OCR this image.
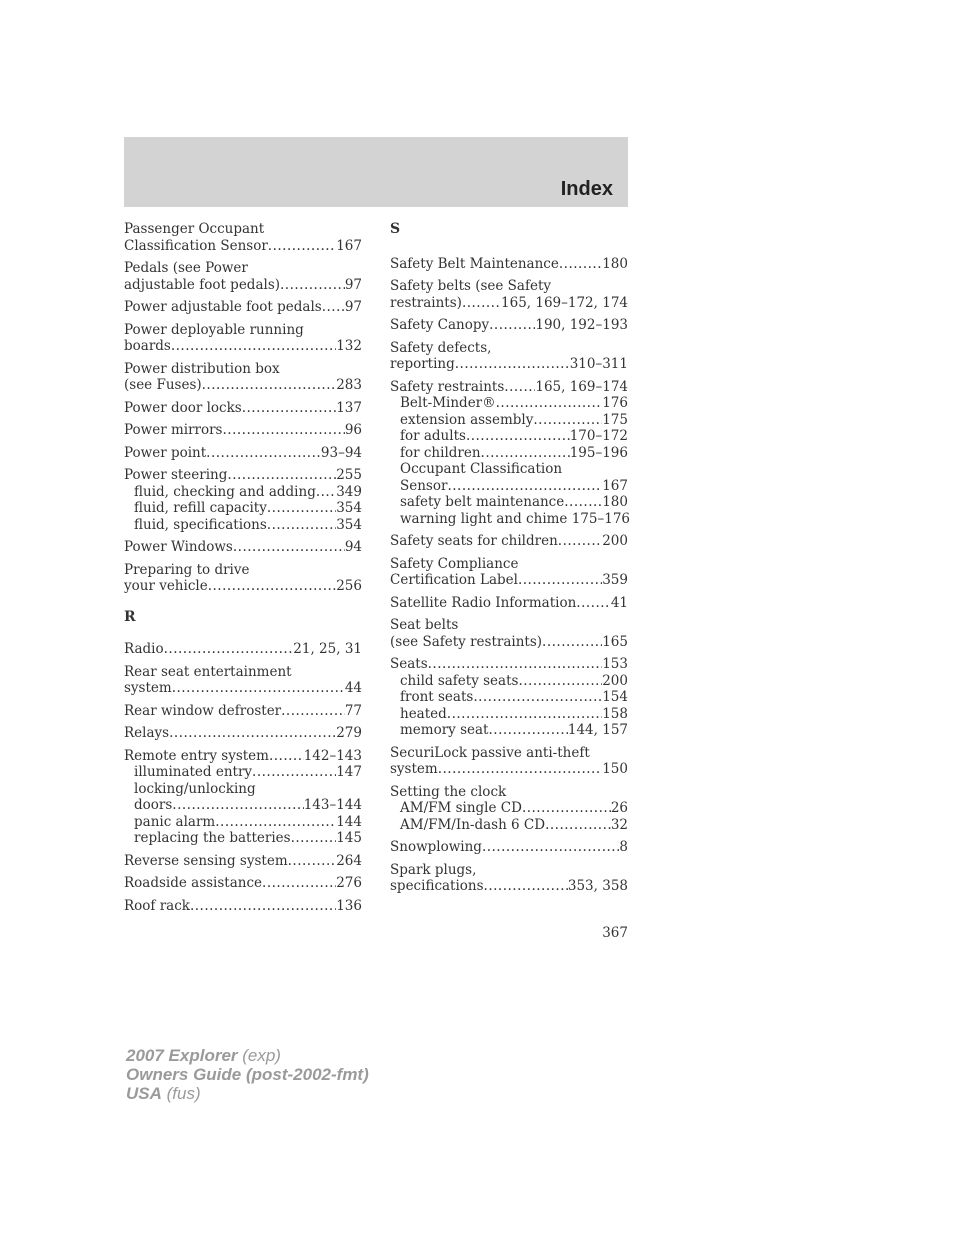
Index
Passenger Occupant
Classification Sensor .....	167
Pedals (see Power
adjustable foot pedals) .....	97
Power adjustable foot pedals ..... 97
Power deployable running
boards .....	132
Power distribution box
(see Fuses) .....	283
Power door locks .....	137
Power mirrors .....	96
Power point .....	93–94
Power steering .....	255
fluid, checking and adding ..... 349
fluid, refill capacity .....	354
fluid, specifications .....	354
Power Windows .....	94
Preparing to drive
your vehicle .....	256
R
Radio .....	21, 25, 31
Rear seat entertainment
system .....	44
Rear window defroster .....	77
Relays .....	279
Remote entry system .....	142–143
illuminated entry .....	147
locking/unlocking
doors .....	143–144
panic alarm .....	144
replacing the batteries .....	145
Reverse sensing system .....	264
Roadside assistance .....	276
Roof rack .....	136
S
Safety Belt Maintenance .....	180
Safety belts (see Safety
restraints) .....	165, 169–172, 174
Safety Canopy .....	190, 192–193
Safety defects,
reporting .....	310–311
Safety restraints ..... 165, 169–174
Belt-Minder® .....	176
extension assembly .....	175
for adults .....	170–172
for children .....	195–196
Occupant Classification
Sensor .....	167
safety belt maintenance .....	180
warning light and chime 175–176
Safety seats for children .....	200
Safety Compliance
Certification Label .....	359
Satellite Radio Information .....	41
Seat belts
(see Safety restraints) .....	165
Seats .....	153
child safety seats .....	200
front seats .....	154
heated .....	158
memory seat .....	144, 157
SecuriLock passive anti-theft
system .....	150
Setting the clock
AM/FM single CD .....	26
AM/FM/In-dash 6 CD .....	32
Snowplowing .....	8
Spark plugs,
specifications .....	353, 358
367
2007 Explorer (exp)
Owners Guide (post-2002-fmt)
USA (fus)
